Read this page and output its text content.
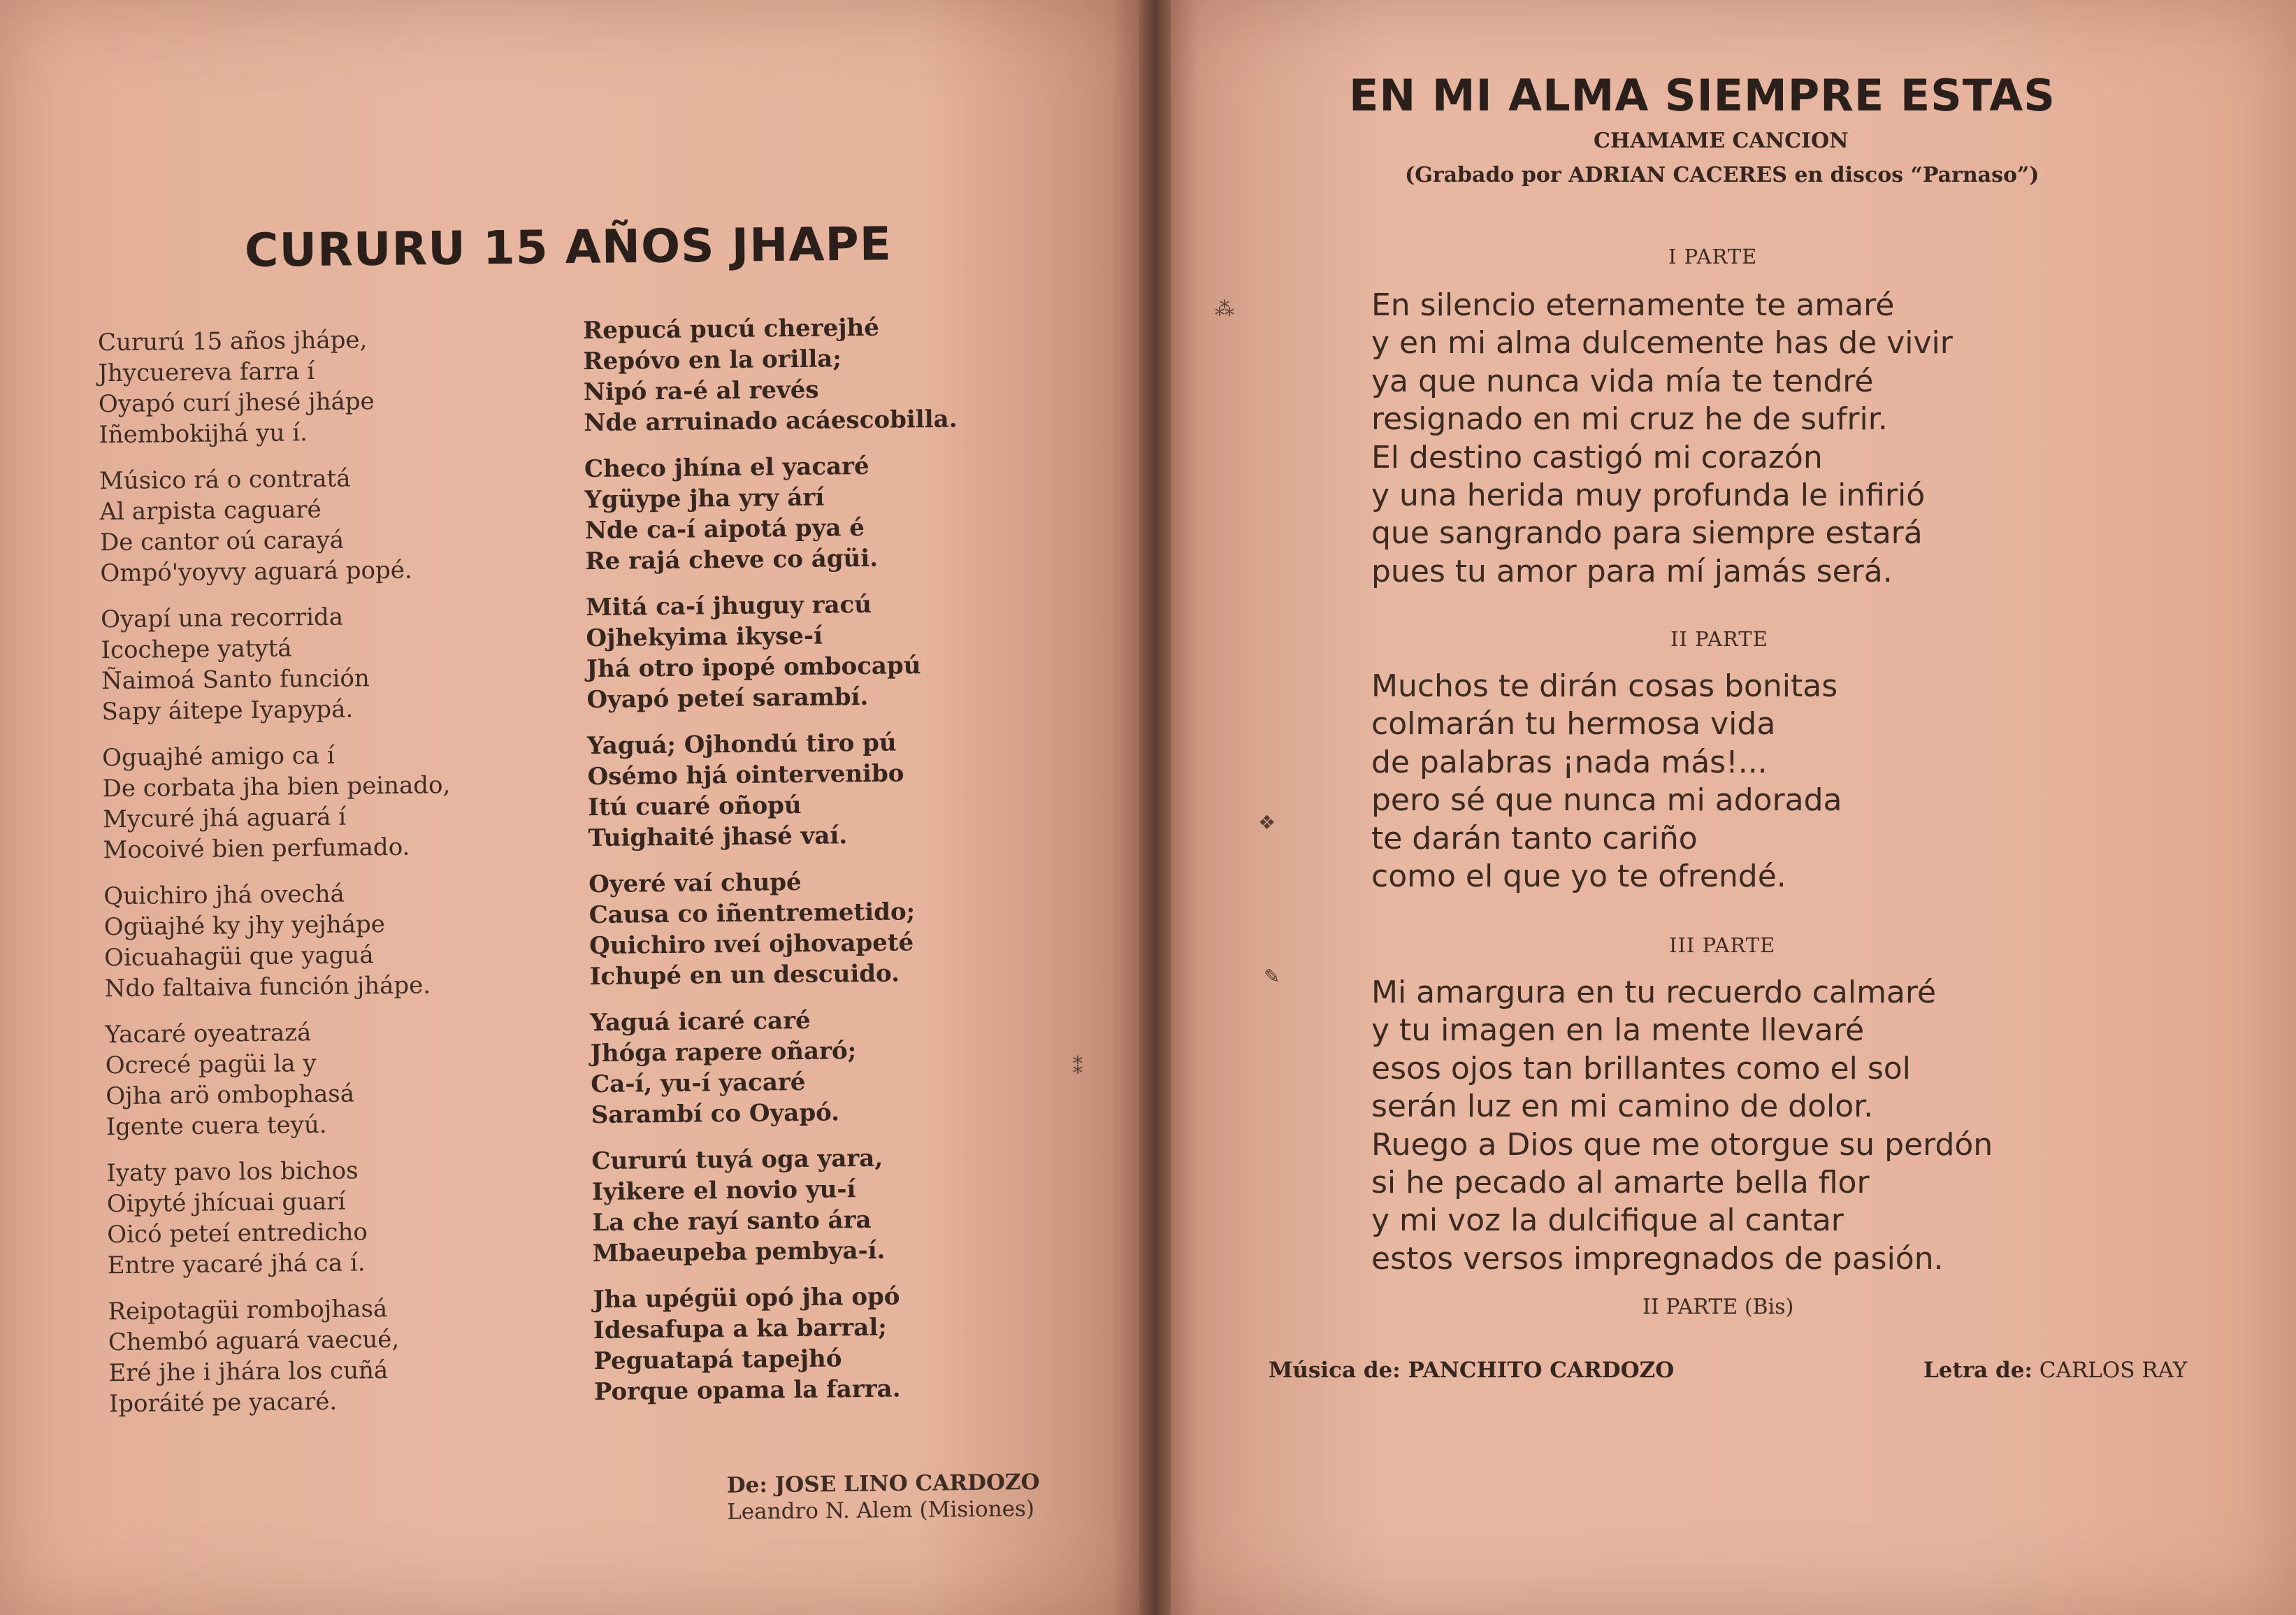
CURURU 15 AÑOS JHAPE
Cururú 15 años jhápe,
Jhycuereva farra í
Oyapó curí jhesé jhápe
Iñembokijhá yu í.
Músico rá o contratá
Al arpista caguaré
De cantor oú carayá
Ompó'yoyvy aguará popé.
Oyapí una recorrida
Icochepe yatytá
Ñaimoá Santo función
Sapy áitepe Iyapypá.
Oguajhé amigo ca í
De corbata jha bien peinado,
Mycuré jhá aguará í
Mocoivé bien perfumado.
Quichiro jhá ovechá
Ogüajhé ky jhy yejhápe
Oicuahagüi que yaguá
Ndo faltaiva función jhápe.
Yacaré oyeatrazá
Ocrecé pagüi la y
Ojha arö ombophasá
Igente cuera teyú.
Iyaty pavo los bichos
Oipyté jhícuai guarí
Oicó peteí entredicho
Entre yacaré jhá ca í.
Reipotagüi rombojhasá
Chembó aguará vaecué,
Eré jhe i jhára los cuñá
Iporáité pe yacaré.
Repucá pucú cherejhé
Repóvo en la orilla;
Nipó ra-é al revés
Nde arruinado acáescobilla.
Checo jhína el yacaré
Ygüype jha yry árí
Nde ca-í aipotá pya é
Re rajá cheve co ágüi.
Mitá ca-í jhuguy racú
Ojhekyima ikyse-í
Jhá otro ipopé ombocapú
Oyapó peteí sarambí.
Yaguá; Ojhondú tiro pú
Osémo hjá ointervenibo
Itú cuaré oñopú
Tuighaité jhasé vaí.
Oyeré vaí chupé
Causa co iñentremetido;
Quichiro ıveí ojhovapeté
Ichupé en un descuido.
Yaguá icaré caré
Jhóga rapere oñaró;
Ca-í, yu-í yacaré
Sarambí co Oyapó.
Cururú tuyá oga yara,
Iyikere el novio yu-í
La che rayí santo ára
Mbaeupeba pembya-í.
Jha upégüi opó jha opó
Idesafupa a ka barral;
Peguatapá tapejhó
Porque opama la farra.
De: JOSE LINO CARDOZO
Leandro N. Alem (Misiones)
EN MI ALMA SIEMPRE ESTAS
CHAMAME CANCION
(Grabado por ADRIAN CACERES en discos “Parnaso”)
I PARTE
En silencio eternamente te amaré
y en mi alma dulcemente has de vivir
ya que nunca vida mía te tendré
resignado en mi cruz he de sufrir.
El destino castigó mi corazón
y una herida muy profunda le infirió
que sangrando para siempre estará
pues tu amor para mí jamás será.
II PARTE
Muchos te dirán cosas bonitas
colmarán tu hermosa vida
de palabras ¡nada más!...
pero sé que nunca mi adorada
te darán tanto cariño
como el que yo te ofrendé.
III PARTE
Mi amargura en tu recuerdo calmaré
y tu imagen en la mente llevaré
esos ojos tan brillantes como el sol
serán luz en mi camino de dolor.
Ruego a Dios que me otorgue su perdón
si he pecado al amarte bella flor
y mi voz la dulcifique al cantar
estos versos impregnados de pasión.
II PARTE (Bis)
Música de: PANCHITO CARDOZO	Letra de: CARLOS RAY
⁂
❖
✎
⁑
